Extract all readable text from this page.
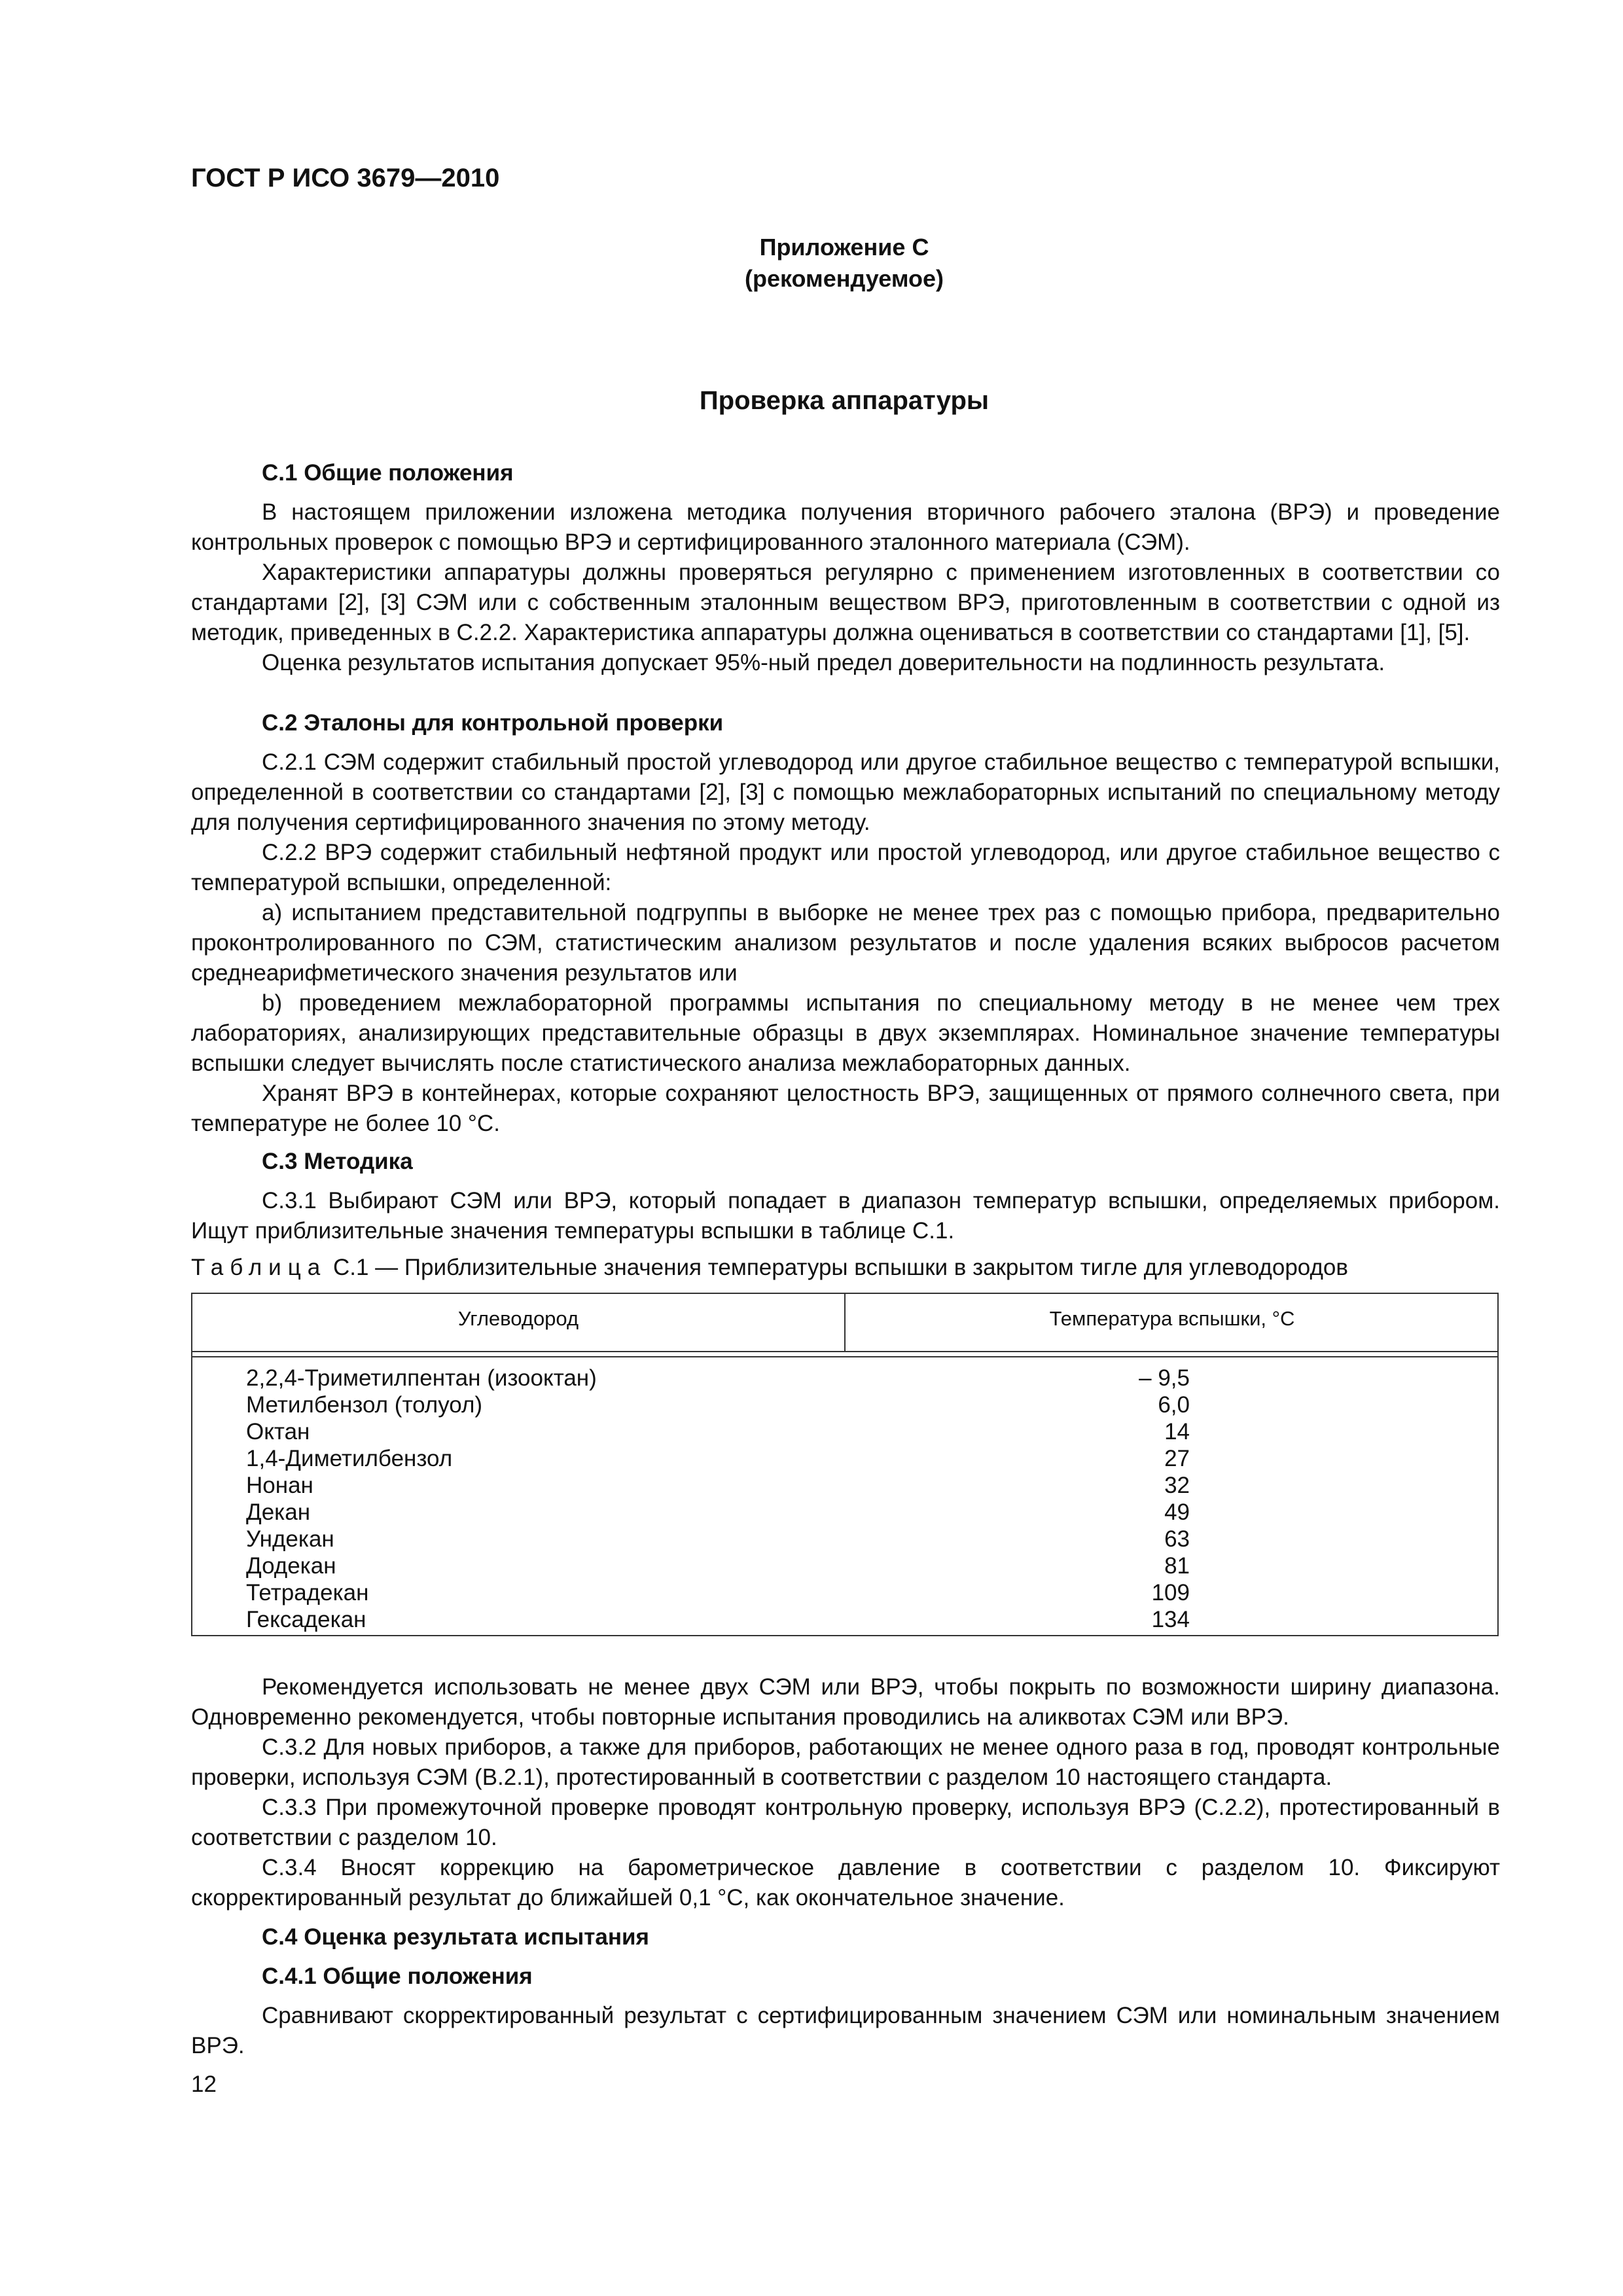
ГОСТ Р ИСО 3679—2010
Приложение С
(рекомендуемое)
Проверка аппаратуры
С.1 Общие положения
В настоящем приложении изложена методика получения вторичного рабочего эталона (ВРЭ) и проведение контрольных проверок с помощью ВРЭ и сертифицированного эталонного материала (СЭМ).
Характеристики аппаратуры должны проверяться регулярно с применением изготовленных в соответствии со стандартами [2], [3] СЭМ или с собственным эталонным веществом ВРЭ, приготовленным в соответствии с одной из методик, приведенных в С.2.2. Характеристика аппаратуры должна оцениваться в соответствии со стандартами [1], [5].
Оценка результатов испытания допускает 95%-ный предел доверительности на подлинность результата.
С.2 Эталоны для контрольной проверки
С.2.1 СЭМ содержит стабильный простой углеводород или другое стабильное вещество с температурой вспышки, определенной в соответствии со стандартами [2], [3] с помощью межлабораторных испытаний по специальному методу для получения сертифицированного значения по этому методу.
С.2.2 ВРЭ содержит стабильный нефтяной продукт или простой углеводород, или другое стабильное вещество с температурой вспышки, определенной:
а) испытанием представительной подгруппы в выборке не менее трех раз с помощью прибора, предварительно проконтролированного по СЭМ, статистическим анализом результатов и после удаления всяких выбросов расчетом среднеарифметического значения результатов или
b) проведением межлабораторной программы испытания по специальному методу в не менее чем трех лабораториях, анализирующих представительные образцы в двух экземплярах. Номинальное значение температуры вспышки следует вычислять после статистического анализа межлабораторных данных.
Хранят ВРЭ в контейнерах, которые сохраняют целостность ВРЭ, защищенных от прямого солнечного света, при температуре не более 10 °С.
С.3 Методика
С.3.1 Выбирают СЭМ или ВРЭ, который попадает в диапазон температур вспышки, определяемых прибором. Ищут приблизительные значения температуры вспышки в таблице С.1.
Таблица С.1 — Приблизительные значения температуры вспышки в закрытом тигле для углеводородов
Углеводород	Температура вспышки, °С
2,2,4-Триметилпентан (изооктан)	– 9,5
Метилбензол (толуол)	6,0
Октан	14
1,4-Диметилбензол	27
Нонан	32
Декан	49
Ундекан	63
Додекан	81
Тетрадекан	109
Гексадекан	134
Рекомендуется использовать не менее двух СЭМ или ВРЭ, чтобы покрыть по возможности ширину диапазона. Одновременно рекомендуется, чтобы повторные испытания проводились на аликвотах СЭМ или ВРЭ.
С.3.2 Для новых приборов, а также для приборов, работающих не менее одного раза в год, проводят контрольные проверки, используя СЭМ (В.2.1), протестированный в соответствии с разделом 10 настоящего стандарта.
С.3.3 При промежуточной проверке проводят контрольную проверку, используя ВРЭ (С.2.2), протестированный в соответствии с разделом 10.
С.3.4 Вносят коррекцию на барометрическое давление в соответствии с разделом 10. Фиксируют скорректированный результат до ближайшей 0,1 °С, как окончательное значение.
С.4 Оценка результата испытания
С.4.1 Общие положения
Сравнивают скорректированный результат с сертифицированным значением СЭМ или номинальным значением ВРЭ.
12
